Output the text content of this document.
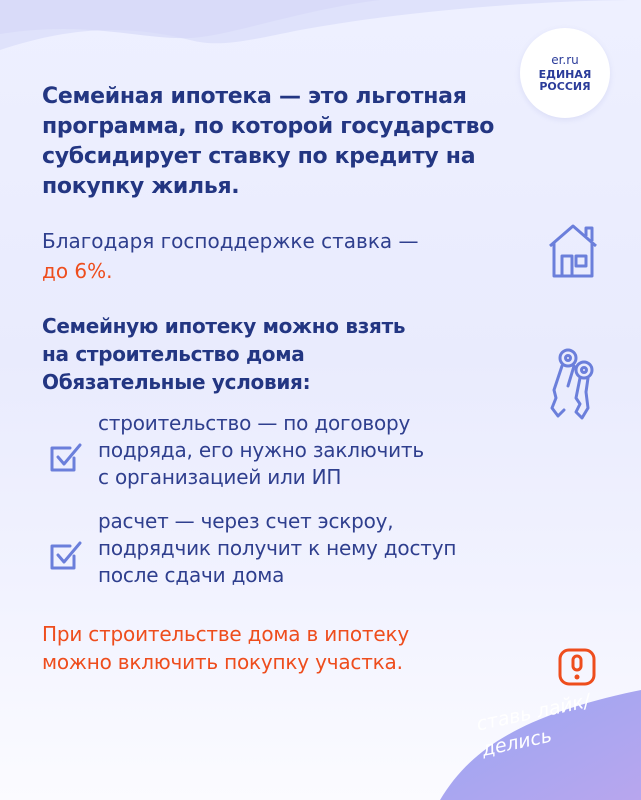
er.ru
ЕДИНАЯ
РОССИЯ
Семейная ипотека — это льготная программа, по которой государство субсидирует ставку по кредиту на покупку жилья.
Благодаря господдержке ставка —
до 6%.
Семейную ипотеку можно взять
на строительство дома
Обязательные условия:
строительство — по договору
подряда, его нужно заключить
с организацией или ИП
расчет — через счет эскроу,
подрядчик получит к нему доступ
после сдачи дома
При строительстве дома в ипотеку
можно включить покупку участка.
ставь лайк/
делись
